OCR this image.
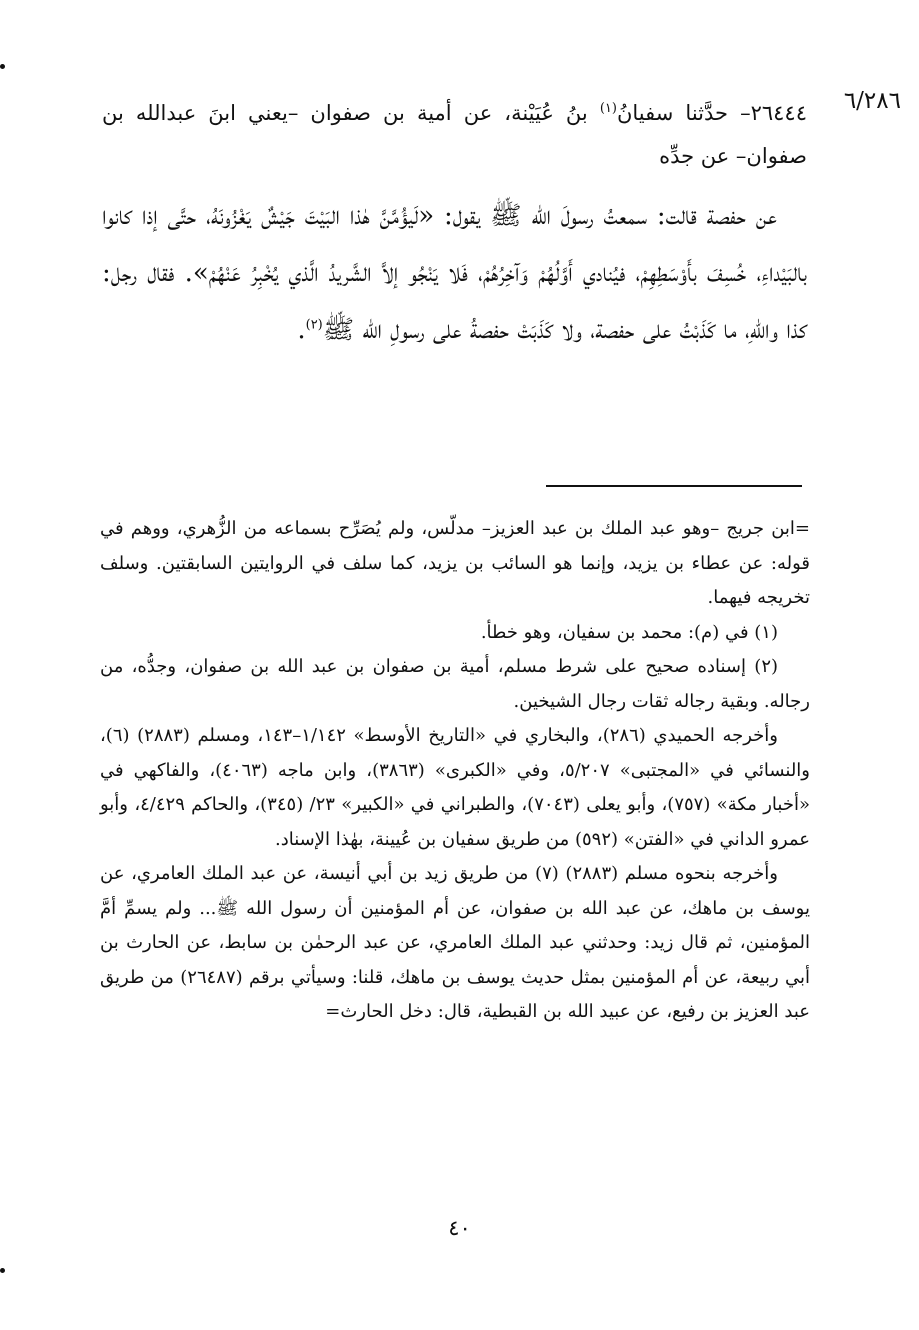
٦/٢٨٦
٢٦٤٤٤– حدَّثنا سفيانُ$^{(١)}$ بنُ عُيَيْنة، عن أمية بن صفوان –يعني ابنَ عبدالله بن صفوان– عن جدِّه
عن حفصة قالت: سمعتُ رسولَ الله ﷺ يقول: «لَيؤُمَّنَّ هٰذا البَيْتَ جَيْشٌ يَغْزُونَهُ، حتَّى إذا كانوا بالبَيْداءِ، خُسِفَ بأَوْسَطِهِمْ، فيُنادي أَوَّلُهُمْ وَآخِرُهُمْ، فَلا يَنْجُو إلاَّ الشَّريدُ الَّذي يُخْبِرُ عَنْهُمْ». فقال رجل: كذا واللهِ، ما كَذَبْتُ على حفصة، ولا كَذَبَتْ حفصةُ على رسولِ الله ﷺ$^{(٢)}$.

=ابن جريج –وهو عبد الملك بن عبد العزيز– مدلّس، ولم يُصَرِّح بسماعه من الزُّهري، ووهم في قوله: عن عطاء بن يزيد، وإنما هو السائب بن يزيد، كما سلف في الروايتين السابقتين. وسلف تخريجه فيهما.

(١) في (م): محمد بن سفيان، وهو خطأ.

(٢) إسناده صحيح على شرط مسلم، أمية بن صفوان بن عبد الله بن صفوان، وجدُّه، من رجاله. وبقية رجاله ثقات رجال الشيخين.

وأخرجه الحميدي (٢٨٦)، والبخاري في «التاريخ الأوسط» ١/١٤٢–١٤٣، ومسلم (٢٨٨٣) (٦)، والنسائي في «المجتبى» ٥/٢٠٧، وفي «الكبرى» (٣٨٦٣)، وابن ماجه (٤٠٦٣)، والفاكهي في «أخبار مكة» (٧٥٧)، وأبو يعلى (٧٠٤٣)، والطبراني في «الكبير» ٢٣/ (٣٤٥)، والحاكم ٤/٤٢٩، وأبو عمرو الداني في «الفتن» (٥٩٢) من طريق سفيان بن عُيينة، بهٰذا الإسناد.

وأخرجه بنحوه مسلم (٢٨٨٣) (٧) من طريق زيد بن أبي أنيسة، عن عبد الملك العامري، عن يوسف بن ماهك، عن عبد الله بن صفوان، عن أم المؤمنين أن رسول الله ﷺ... ولم يسمِّ أمَّ المؤمنين، ثم قال زيد: وحدثني عبد الملك العامري، عن عبد الرحمٰن بن سابط، عن الحارث بن أبي ربيعة، عن أم المؤمنين بمثل حديث يوسف بن ماهك، قلنا: وسيأتي برقم (٢٦٤٨٧) من طريق عبد العزيز بن رفيع، عن عبيد الله بن القبطية، قال: دخل الحارث=

٤٠
